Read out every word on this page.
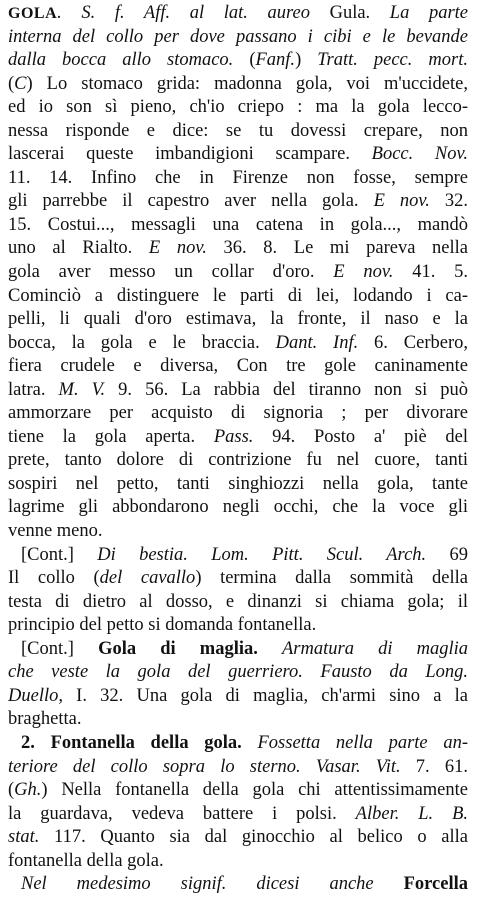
GOLA. S. f. Aff. al lat. aureo Gula. La parte
interna del collo per dove passano i cibi e le bevande
dalla bocca allo stomaco. (Fanf.) Tratt. pecc. mort.
(C) Lo stomaco grida: madonna gola, voi m'uccidete,
ed io son sì pieno, ch'io criepo : ma la gola lecco-
nessa risponde e dice: se tu dovessi crepare, non
lascerai queste imbandigioni scampare. Bocc. Nov.
11. 14. Infino che in Firenze non fosse, sempre
gli parrebbe il capestro aver nella gola. E nov. 32.
15. Costui..., messagli una catena in gola..., mandò
uno al Rialto. E nov. 36. 8. Le mi pareva nella
gola aver messo un collar d'oro. E nov. 41. 5.
Cominciò a distinguere le parti di lei, lodando i ca-
pelli, li quali d'oro estimava, la fronte, il naso e la
bocca, la gola e le braccia. Dant. Inf. 6. Cerbero,
fiera crudele e diversa, Con tre gole caninamente
latra. M. V. 9. 56. La rabbia del tiranno non si può
ammorzare per acquisto di signoria ; per divorare
tiene la gola aperta. Pass. 94. Posto a' piè del
prete, tanto dolore di contrizione fu nel cuore, tanti
sospiri nel petto, tanti singhiozzi nella gola, tante
lagrime gli abbondarono negli occhi, che la voce gli
venne meno.
[Cont.] Di bestia. Lom. Pitt. Scul. Arch. 69
Il collo (del cavallo) termina dalla sommità della
testa di dietro al dosso, e dinanzi si chiama gola; il
principio del petto si domanda fontanella.
[Cont.] Gola di maglia. Armatura di maglia
che veste la gola del guerriero. Fausto da Long.
Duello, I. 32. Una gola di maglia, ch'armi sino a la
braghetta.
2. Fontanella della gola. Fossetta nella parte an-
teriore del collo sopra lo sterno. Vasar. Vit. 7. 61.
(Gh.) Nella fontanella della gola chi attentissimamente
la guardava, vedeva battere i polsi. Alber. L. B.
stat. 117. Quanto sia dal ginocchio al belico o alla
fontanella della gola.
Nel medesimo signif. dicesi anche Forcella
